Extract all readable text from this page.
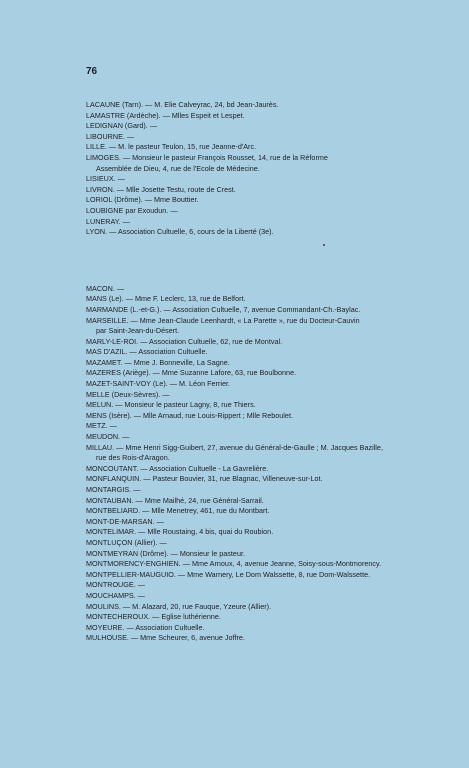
76
LACAUNE (Tarn). — M. Elie Calveyrac, 24, bd Jean-Jaurès.
LAMASTRE (Ardèche). — Mlles Espeit et Lespet.
LEDIGNAN (Gard). —
LIBOURNE. —
LILLE. — M. le pasteur Teulon, 15, rue Jeanne-d'Arc.
LIMOGES. — Monsieur le pasteur François Rousset, 14, rue de la Réforme
Assemblée de Dieu, 4, rue de l'Ecole de Médecine.
LISIEUX. —
LIVRON. — Mlle Josette Testu, route de Crest.
LORIOL (Drôme). — Mme Bouttier.
LOUBIGNE par Exoudun. —
LUNERAY. —
LYON. — Association Cultuelle, 6, cours de la Liberté (3e).
MACON. —
MANS (Le). — Mme F. Leclerc, 13, rue de Belfort.
MARMANDE (L.-et-G.). — Association Cultuelle, 7, avenue Commandant-Ch.-Baylac.
MARSEILLE. — Mme Jean-Claude Leenhardt, « La Parette », rue du Docteur-Cauvin
par Saint-Jean-du-Désert.
MARLY-LE-ROI. — Association Cultuelle, 62, rue de Montval.
MAS D'AZIL. — Association Cultuelle.
MAZAMET. — Mme J. Bonneville, La Sagne.
MAZERES (Ariège). — Mme Suzanne Lafore, 63, rue Boulbonne.
MAZET-SAINT-VOY (Le). — M. Léon Ferrier.
MELLE (Deux-Sèvres). —
MELUN. — Monsieur le pasteur Lagny, 8, rue Thiers.
MENS (Isère). — Mlle Arnaud, rue Louis-Rippert ; Mlle Reboulet.
METZ. —
MEUDON. —
MILLAU. — Mme Henri Sigg-Guibert, 27, avenue du Général-de-Gaulle ; M. Jacques Bazille,
rue des Rois-d'Aragon.
MONCOUTANT. — Association Cultuelle - La Gavrelière.
MONFLANQUIN. — Pasteur Bouvier, 31, rue Blagnac, Villeneuve-sur-Lot.
MONTARGIS. —
MONTAUBAN. — Mme Mailhé, 24, rue Général-Sarrail.
MONTBELIARD. — Mlle Menetrey, 461, rue du Montbart.
MONT-DE-MARSAN. —
MONTELIMAR. — Mlle Roustaing, 4 bis, quai du Roubion.
MONTLUÇON (Allier). —
MONTMEYRAN (Drôme). — Monsieur le pasteur.
MONTMORENCY-ENGHIEN. — Mme Arnoux, 4, avenue Jeanne, Soisy-sous-Montmorency.
MONTPELLIER-MAUGUIO. — Mme Warnery, Le Dom Walssette, 8, rue Dom-Walssette.
MONTROUGE. —
MOUCHAMPS. —
MOULINS. — M. Alazard, 20, rue Fauque, Yzeure (Allier).
MONTECHEROUX. — Eglise luthérienne.
MOYEURE. — Association Cultuelle.
MULHOUSE. — Mme Scheurer, 6, avenue Joffre.
